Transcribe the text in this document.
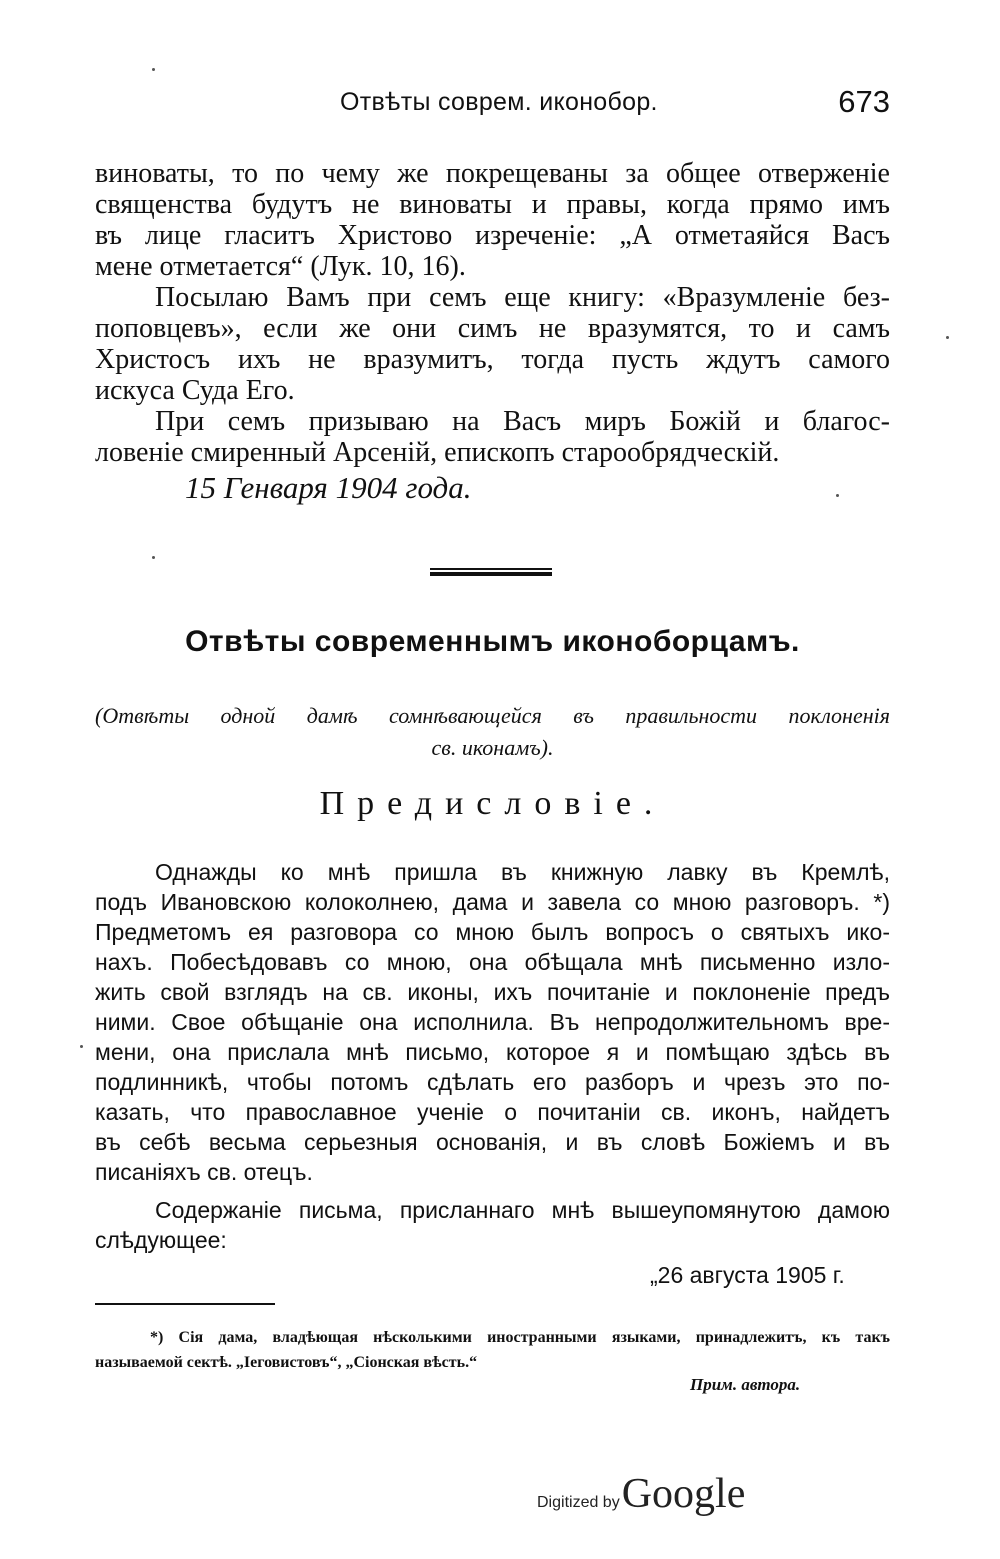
Отвѣты соврем. иконобор.	673
виноваты, то по чему же покрещеваны за общее отверженіе
священства будутъ не виноваты и правы, когда прямо имъ
въ лице гласитъ Христово изреченіе: „А отметаяйся Васъ
мене отметается“ (Лук. 10, 16).
Посылаю Вамъ при семъ еще книгу: «Вразумленіе без-
поповцевъ», если же они симъ не вразумятся, то и самъ
Христосъ ихъ не вразумитъ, тогда пусть ждутъ самого
искуса Суда Его.
При семъ призываю на Васъ миръ Божій и благос-
ловеніе смиренный Арсеній, епископъ старообрядческій.
15 Генваря 1904 года.
Отвѣты современнымъ иконоборцамъ.
(Отвѣты одной дамѣ сомнѣвающейся въ правильности поклоненія
св. иконамъ).
Предисловіе.
Однажды ко мнѣ пришла въ книжную лавку въ Кремлѣ,
подъ Ивановскою колоколнею, дама и завела со мною разговоръ. *)
Предметомъ ея разговора со мною былъ вопросъ о святыхъ ико-
нахъ. Побесѣдовавъ со мною, она обѣщала мнѣ письменно изло-
жить свой взглядъ на св. иконы, ихъ почитаніе и поклоненіе предъ
ними. Свое обѣщаніе она исполнила. Въ непродолжительномъ вре-
мени, она прислала мнѣ письмо, которое я и помѣщаю здѣсь въ
подлинникѣ, чтобы потомъ сдѣлать его разборъ и чрезъ это по-
казать, что православное ученіе о почитаніи св. иконъ, найдетъ
въ себѣ весьма серьезныя основанія, и въ словѣ Божіемъ и въ
писаніяхъ св. отецъ.
Содержаніе письма, присланнаго мнѣ вышеупомянутою дамою
слѣдующее:
„26 августа 1905 г.
*) Сія дама, владѣющая нѣсколькими иностранными языками, принадлежитъ, къ такъ
называемой сектѣ. „Іеговистовъ“, „Сіонская вѣсть.“
Прим. автора.
Digitized byGoogle
